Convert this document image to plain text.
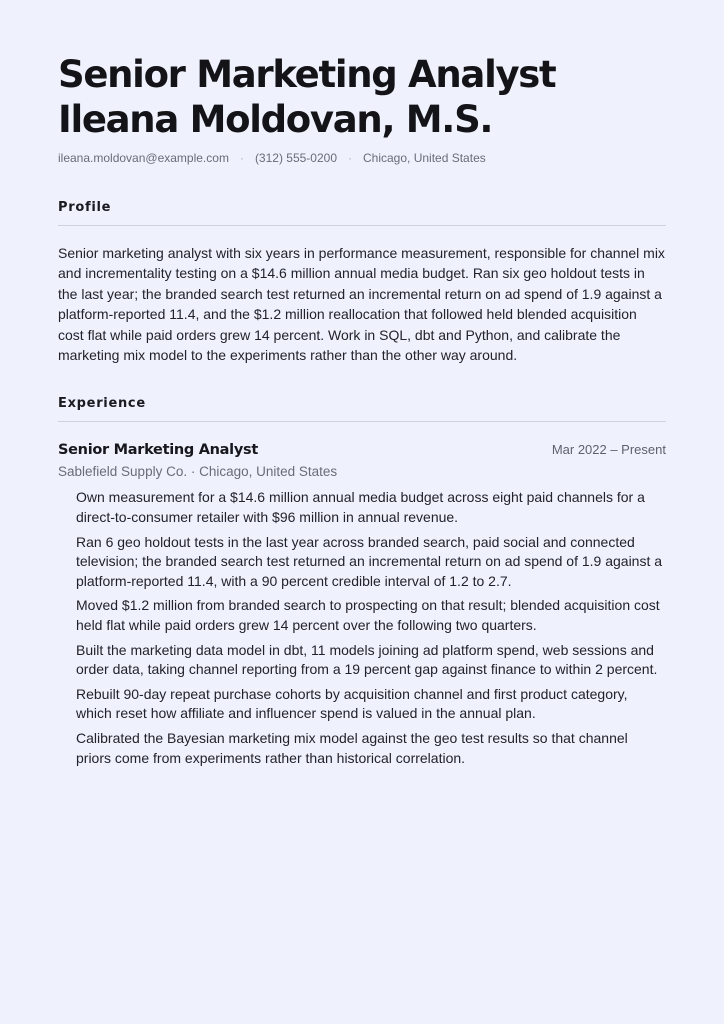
Senior Marketing Analyst
Ileana Moldovan, M.S.
ileana.moldovan@example.com · (312) 555-0200 · Chicago, United States
Profile

Senior marketing analyst with six years in performance measurement, responsible for channel mix and incrementality testing on a $14.6 million annual media budget. Ran six geo holdout tests in the last year; the branded search test returned an incremental return on ad spend of 1.9 against a platform-reported 11.4, and the $1.2 million reallocation that followed held blended acquisition cost flat while paid orders grew 14 percent. Work in SQL, dbt and Python, and calibrate the marketing mix model to the experiments rather than the other way around.

Experience
Senior Marketing Analyst	Mar 2022 – Present
Sablefield Supply Co. · Chicago, United States
Own measurement for a $14.6 million annual media budget across eight paid channels for a direct-to-consumer retailer with $96 million in annual revenue.
Ran 6 geo holdout tests in the last year across branded search, paid social and connected television; the branded search test returned an incremental return on ad spend of 1.9 against a platform-reported 11.4, with a 90 percent credible interval of 1.2 to 2.7.
Moved $1.2 million from branded search to prospecting on that result; blended acquisition cost held flat while paid orders grew 14 percent over the following two quarters.
Built the marketing data model in dbt, 11 models joining ad platform spend, web sessions and order data, taking channel reporting from a 19 percent gap against finance to within 2 percent.
Rebuilt 90-day repeat purchase cohorts by acquisition channel and first product category, which reset how affiliate and influencer spend is valued in the annual plan.
Calibrated the Bayesian marketing mix model against the geo test results so that channel priors come from experiments rather than historical correlation.
